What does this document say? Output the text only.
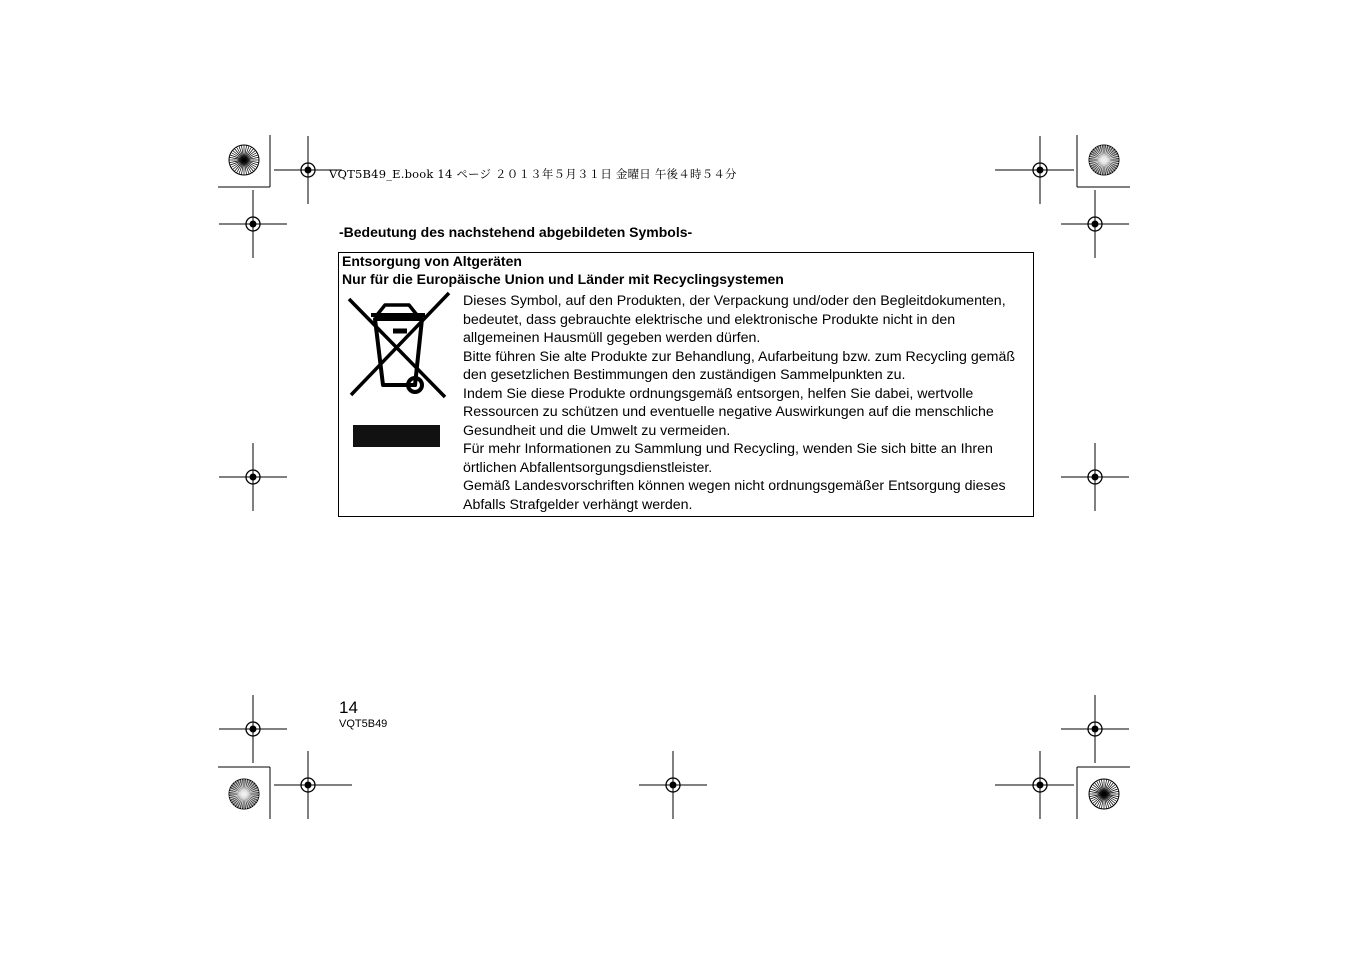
VQT5B49_E.book 14 ページ ２０１３年５月３１日 金曜日 午後４時５４分
-Bedeutung des nachstehend abgebildeten Symbols-
Entsorgung von Altgeräten
Nur für die Europäische Union und Länder mit Recyclingsystemen

Dieses Symbol, auf den Produkten, der Verpackung und/oder den Begleitdokumenten, bedeutet, dass gebrauchte elektrische und elektronische Produkte nicht in den allgemeinen Hausmüll gegeben werden dürfen.

Bitte führen Sie alte Produkte zur Behandlung, Aufarbeitung bzw. zum Recycling gemäß den gesetzlichen Bestimmungen den zuständigen Sammelpunkten zu.

Indem Sie diese Produkte ordnungsgemäß entsorgen, helfen Sie dabei, wertvolle Ressourcen zu schützen und eventuelle negative Auswirkungen auf die menschliche Gesundheit und die Umwelt zu vermeiden.

Für mehr Informationen zu Sammlung und Recycling, wenden Sie sich bitte an Ihren örtlichen Abfallentsorgungsdienstleister.

Gemäß Landesvorschriften können wegen nicht ordnungsgemäßer Entsorgung dieses Abfalls Strafgelder verhängt werden.

14
VQT5B49
